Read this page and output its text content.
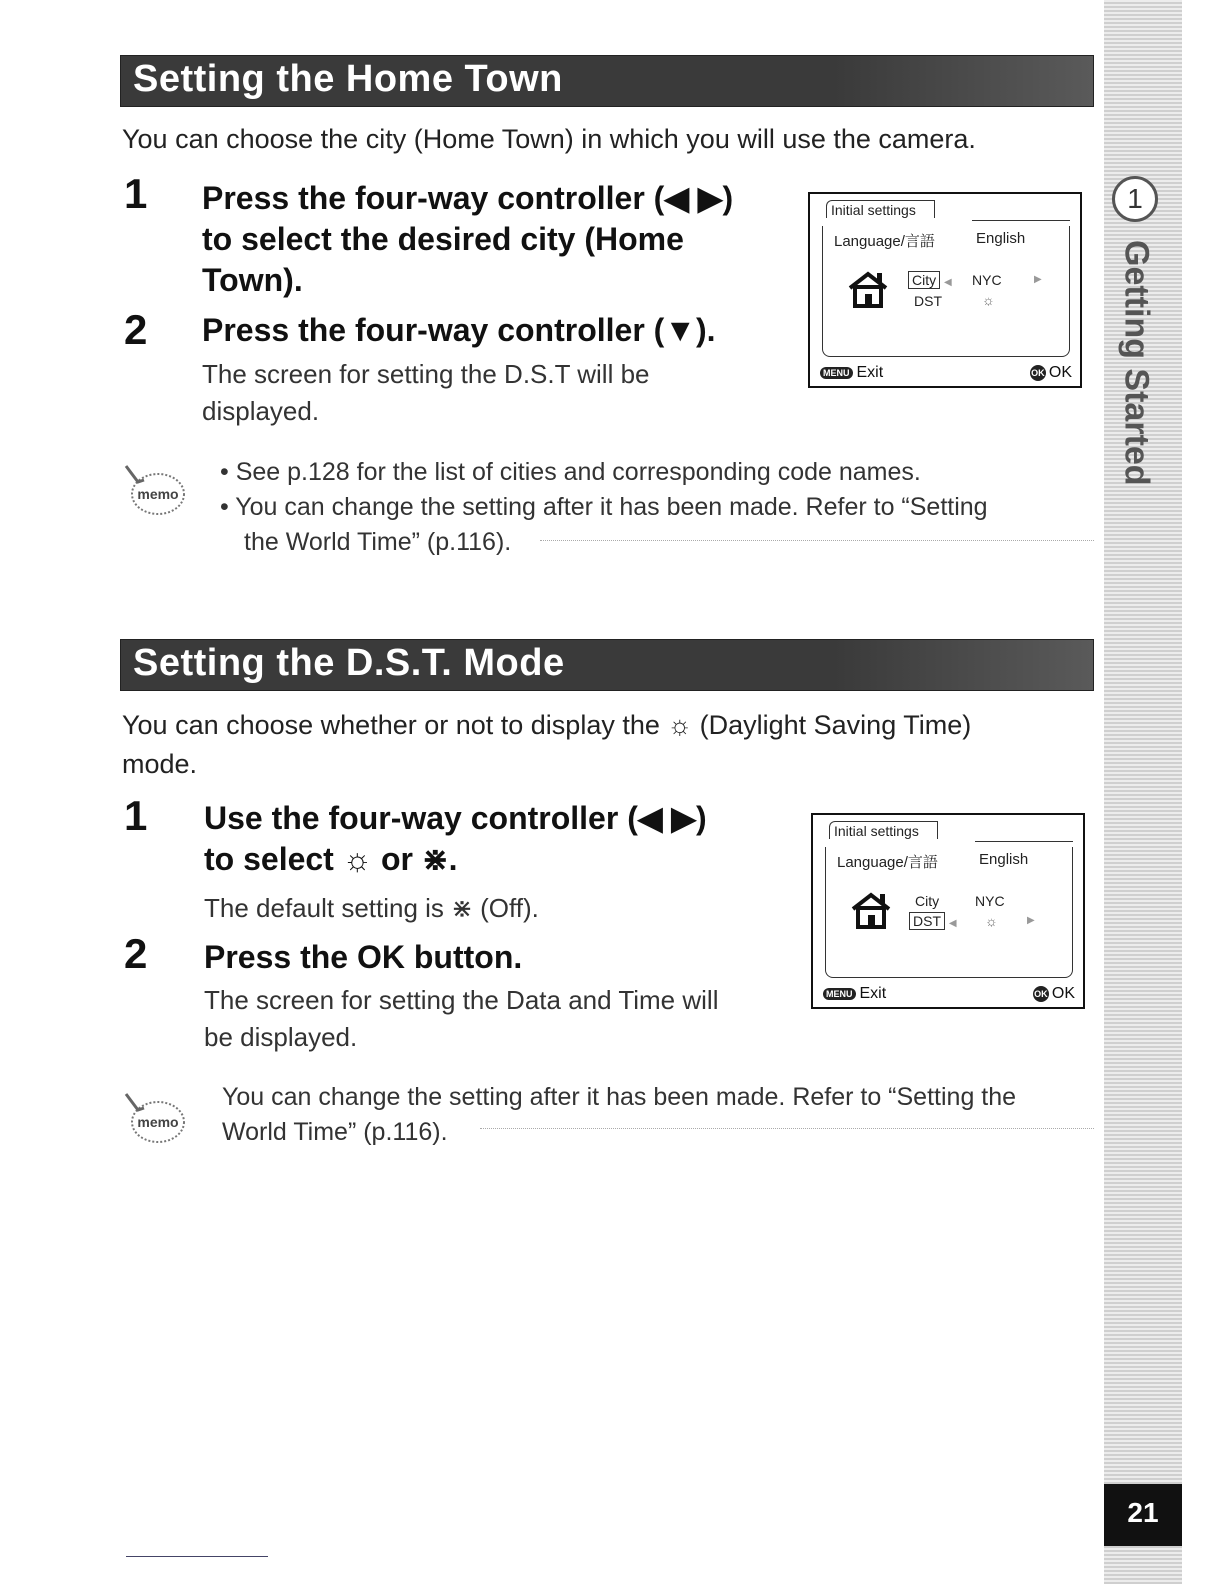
Setting the Home Town
You can choose the city (Home Town) in which you will use the camera.
1 Press the four-way controller (◀ ▶)
to select the desired city (Home
Town).
2 Press the four-way controller (▼).
The screen for setting the D.S.T will be
displayed.
Initial settings
Language/言語	English
City ◀ NYC	▶
DST	☼
MENU Exit	OK OK
memo
• See p.128 for the list of cities and corresponding code names.
• You can change the setting after it has been made. Refer to “Setting
the World Time” (p.116).
Setting the D.S.T. Mode
You can choose whether or not to display the ☼ (Daylight Saving Time)
mode.
1 Use the four-way controller (◀ ▶)
to select ☼ or ⋇.
The default setting is ⋇ (Off).
2 Press the OK button.
The screen for setting the Data and Time will
be displayed.
Initial settings
Language/言語	English
City	NYC
DST ◀ ☼	▶
MENU Exit	OK OK
memo
You can change the setting after it has been made. Refer to “Setting the
World Time” (p.116).
1
Getting Started
21
